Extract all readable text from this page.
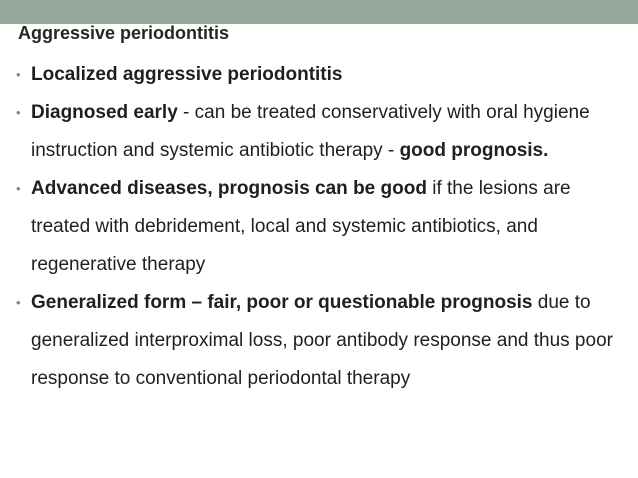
Aggressive periodontitis
• Localized aggressive periodontitis
• Diagnosed early - can be treated conservatively with oral hygiene instruction and systemic antibiotic therapy - good prognosis.
• Advanced diseases, prognosis can be good if the lesions are treated with debridement, local and systemic antibiotics, and regenerative therapy
• Generalized form – fair, poor or questionable prognosis due to generalized interproximal loss, poor antibody response and thus poor response to conventional periodontal therapy
